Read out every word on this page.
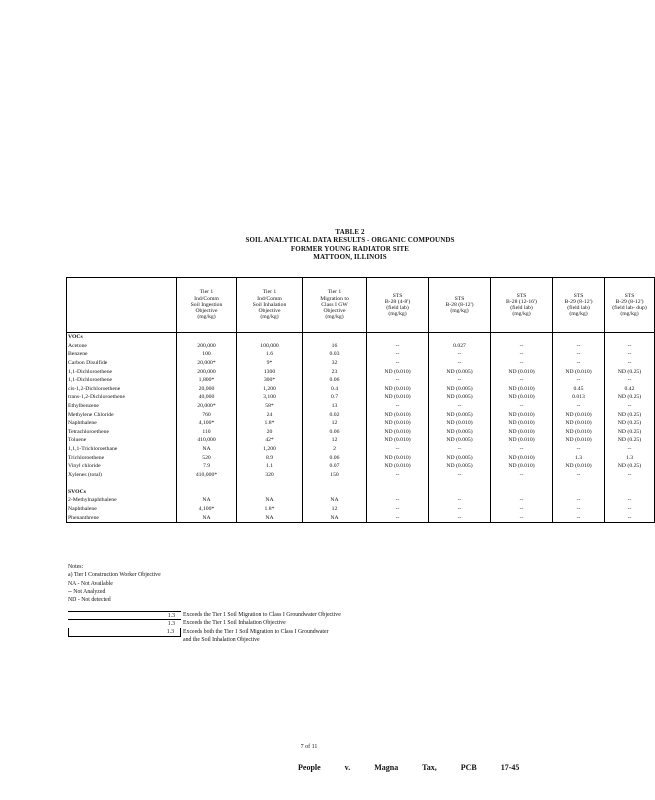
TABLE 2
SOIL ANALYTICAL DATA RESULTS - ORGANIC COMPOUNDS
FORMER YOUNG RADIATOR SITE
MATTOON, ILLINOIS
	Tier 1
Ind/Comm
Soil Ingestion
Objective
(mg/kg)	Tier 1
Ind/Comm
Soil Inhalation
Objective
(mg/kg)	Tier 1
Migration to
Class I GW
Objective
(mg/kg)	STS
B-28 (4-8')
(field lab)
(mg/kg)	STS
B-28 (8-12')
(mg/kg)	STS
B-28 (12-16')
(field lab)
(mg/kg)	STS
B-29 (8-12')
(field lab)
(mg/kg)	STS
B-29 (8-12')
(field lab- dup)
(mg/kg)
VOCs								
Acetone	200,000	100,000	16	--	0.027	--	--	--
Benzene	100	1.6	0.03	--	--	--	--	--
Carbon Disulfide	20,000*	9*	32	--	--	--	--	--
1,1-Dichloroethene	200,000	1300	23	ND (0.010)	ND (0.005)	ND (0.010)	ND (0.010)	ND (0.25)
1,1-Dichloroethene	1,800*	300*	0.06	--	--	--	--	--
cis-1,2-Dichloroethene	20,000	1,200	0.4	ND (0.010)	ND (0.005)	ND (0.010)	0.45	0.42
trans-1,2-Dichloroethene	40,000	3,100	0.7	ND (0.010)	ND (0.005)	ND (0.010)	0.013	ND (0.25)
Ethylbenzene	20,000*	58*	13	--	--	--	--	--
Methylene Chloride	760	24	0.02	ND (0.010)	ND (0.005)	ND (0.010)	ND (0.010)	ND (0.25)
Naphthalene	4,100*	1.8*	12	ND (0.010)	ND (0.010)	ND (0.010)	ND (0.010)	ND (0.25)
Tetrachloroethene	110	20	0.06	ND (0.010)	ND (0.005)	ND (0.010)	ND (0.010)	ND (0.25)
Toluene	410,000	42*	12	ND (0.010)	ND (0.005)	ND (0.010)	ND (0.010)	ND (0.25)
1,1,1-Trichloroethane	NA	1,200	2	--	--	--	--	--
Trichloroethene	520	8.9	0.06	ND (0.010)	ND (0.005)	ND (0.010)	1.3	1.3
Vinyl chloride	7.9	1.1	0.07	ND (0.010)	ND (0.005)	ND (0.010)	ND (0.010)	ND (0.25)
Xylenes (total)	410,000*	320	150	--	--	--	--	--

SVOCs								
2-Methylnaphthalene	NA	NA	NA	--	--	--	--	--
Naphthalene	4,100*	1.8*	12	--	--	--	--	--
Phenanthrene	NA	NA	NA	--	--	--	--	--
Notes:
a) Tier I Construction Worker Objective
NA - Not Available
-- Not Analyzed
ND - Not detected
1.3	Exceeds the Tier 1 Soil Migration to Class I Groundwater Objective
1.3	Exceeds the Tier 1 Soil Inhalation Objective
1.3	Exceeds both the Tier 1 Soil Migration to Class I Groundwater
and the Soil Inhalation Objective
7 of 11
People	v.	Magna	Tax,	PCB	17-45
